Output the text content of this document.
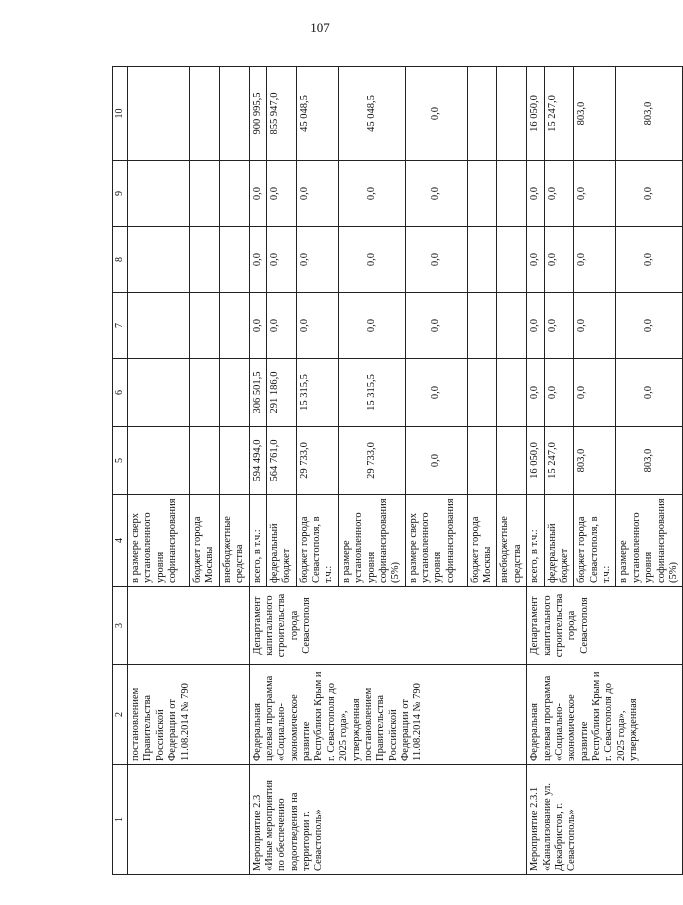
107
1	2	3	4	5	6	7	8	9	10
	постановлением Правительства Российской Федерации от 11.08.2014 № 790		в размере сверх установленного уровня софинансирования						
			бюджет города Москвы						
			внебюджетные средства						
Мероприятие 2.3 «Иные мероприятия по обеспечению водоотведения на территории г. Севастополь»	Федеральная целевая программа «Социально-экономическое развитие Республики Крым и г. Севастополя до 2025 года», утвержденная постановлением Правительства Российской Федерации от 11.08.2014 № 790	Департамент капитального строительства города Севастополя	всего, в т.ч.:	594 494,0	306 501,5	0,0	0,0	0,0	900 995,5
			федеральный бюджет	564 761,0	291 186,0	0,0	0,0	0,0	855 947,0
			бюджет города Севастополя, в т.ч.:	29 733,0	15 315,5	0,0	0,0	0,0	45 048,5
			в размере установленного уровня софинансирования (5%)	29 733,0	15 315,5	0,0	0,0	0,0	45 048,5
			в размере сверх установленного уровня софинансирования	0,0	0,0	0,0	0,0	0,0	0,0
			бюджет города Москвы						
			внебюджетные средства						
Мероприятие 2.3.1 «Канализование ул. Декабристов, г. Севастополь»	Федеральная целевая программа «Социально-экономическое развитие Республики Крым и г. Севастополя до 2025 года», утвержденная	Департамент капитального строительства города Севастополя	всего, в т.ч.:	16 050,0	0,0	0,0	0,0	0,0	16 050,0
			федеральный бюджет	15 247,0	0,0	0,0	0,0	0,0	15 247,0
			бюджет города Севастополя, в т.ч.:	803,0	0,0	0,0	0,0	0,0	803,0
			в размере установленного уровня софинансирования (5%)	803,0	0,0	0,0	0,0	0,0	803,0
